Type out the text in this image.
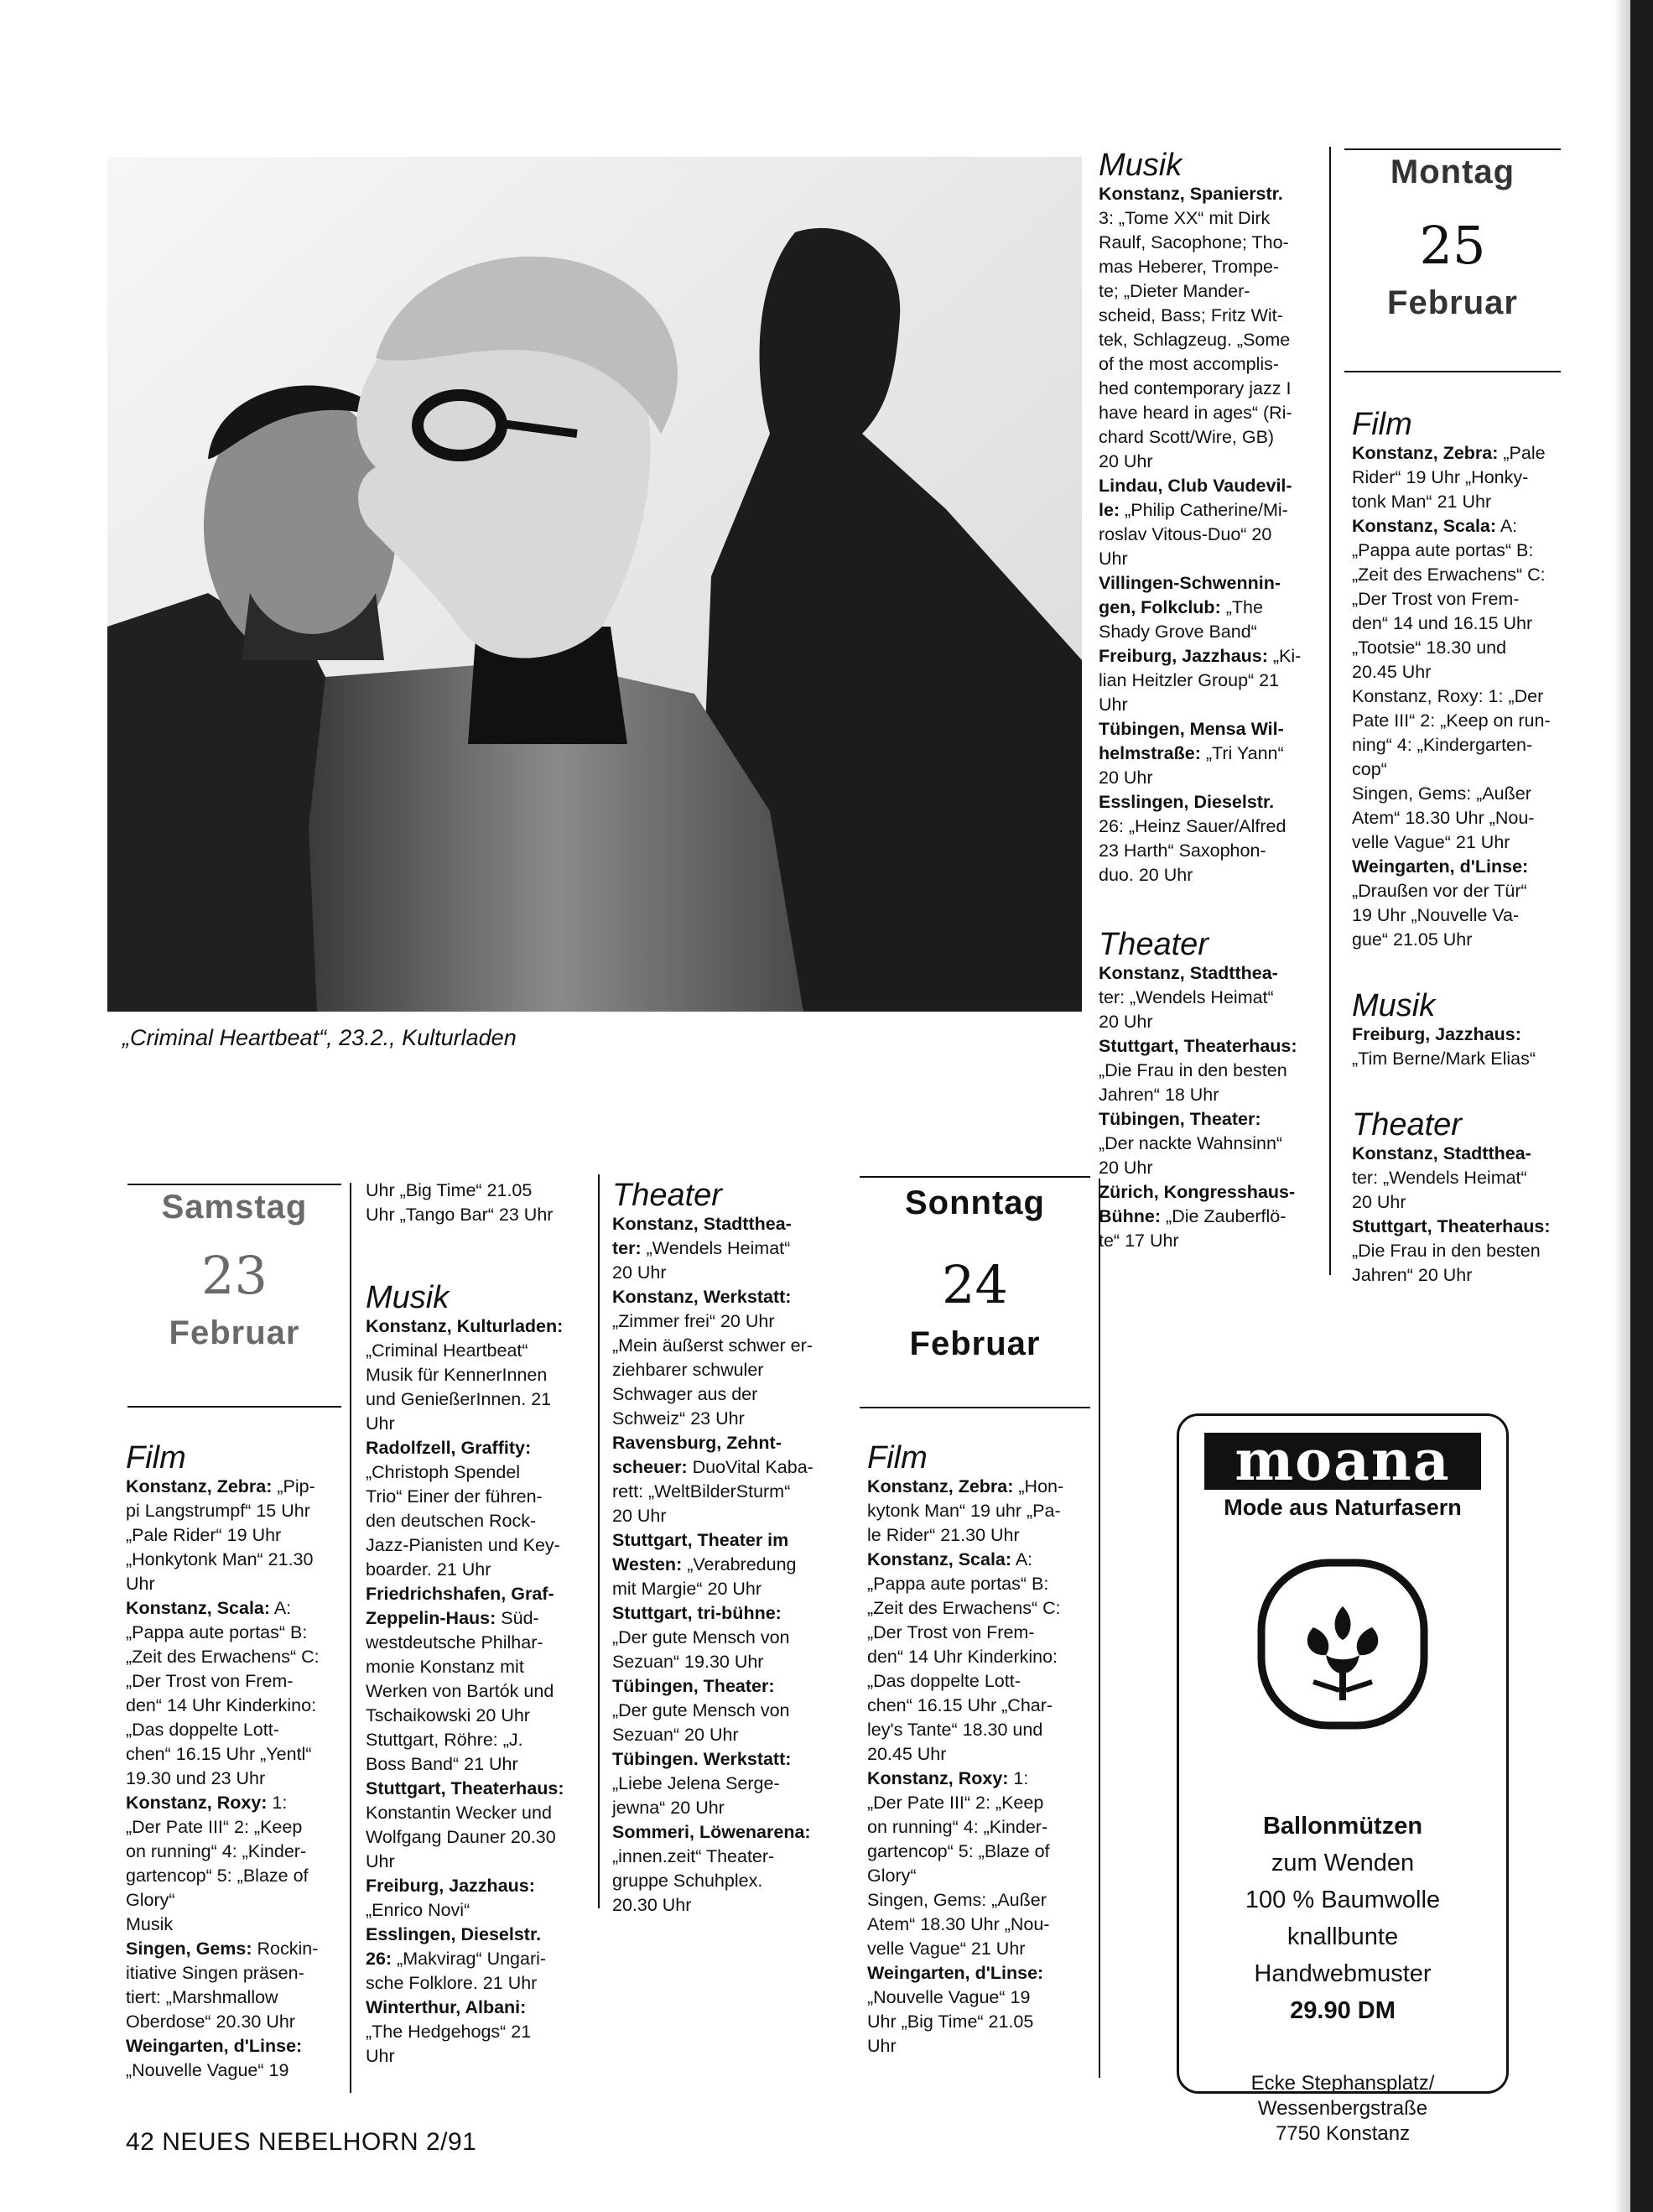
„Criminal Heartbeat“, 23.2., Kulturladen
Samstag
23
Februar
Film

Konstanz, Zebra: „Pip-
pi Langstrumpf“ 15 Uhr
„Pale Rider“ 19 Uhr
„Honkytonk Man“ 21.30
Uhr

Konstanz, Scala: A:
„Pappa aute portas“ B:
„Zeit des Erwachens“ C:
„Der Trost von Frem-
den“ 14 Uhr Kinderkino:
„Das doppelte Lott-
chen“ 16.15 Uhr „Yentl“
19.30 und 23 Uhr

Konstanz, Roxy: 1:
„Der Pate III“ 2: „Keep
on running“ 4: „Kinder-
gartencop“ 5: „Blaze of
Glory“
Musik

Singen, Gems: Rockin-
itiative Singen präsen-
tiert: „Marshmallow
Oberdose“ 20.30 Uhr

Weingarten, d'Linse:
„Nouvelle Vague“ 19

Uhr „Big Time“ 21.05
Uhr „Tango Bar“ 23 Uhr

Musik

Konstanz, Kulturladen:
„Criminal Heartbeat“
Musik für KennerInnen
und GenießerInnen. 21
Uhr

Radolfzell, Graffity:
„Christoph Spendel
Trio“ Einer der führen-
den deutschen Rock-
Jazz-Pianisten und Key-
boarder. 21 Uhr

Friedrichshafen, Graf-
Zeppelin-Haus: Süd-
westdeutsche Philhar-
monie Konstanz mit
Werken von Bartók und
Tschaikowski 20 Uhr
Stuttgart, Röhre: „J.
Boss Band“ 21 Uhr

Stuttgart, Theaterhaus:
Konstantin Wecker und
Wolfgang Dauner 20.30
Uhr

Freiburg, Jazzhaus:
„Enrico Novi“

Esslingen, Dieselstr.
26: „Makvirag“ Ungari-
sche Folklore. 21 Uhr

Winterthur, Albani:
„The Hedgehogs“ 21
Uhr

Theater

Konstanz, Stadtthea-
ter: „Wendels Heimat“
20 Uhr

Konstanz, Werkstatt:
„Zimmer frei“ 20 Uhr
„Mein äußerst schwer er-
ziehbarer schwuler
Schwager aus der
Schweiz“ 23 Uhr

Ravensburg, Zehnt-
scheuer: DuoVital Kaba-
rett: „WeltBilderSturm“
20 Uhr

Stuttgart, Theater im
Westen: „Verabredung
mit Margie“ 20 Uhr

Stuttgart, tri-bühne:
„Der gute Mensch von
Sezuan“ 19.30 Uhr

Tübingen, Theater:
„Der gute Mensch von
Sezuan“ 20 Uhr

Tübingen. Werkstatt:
„Liebe Jelena Serge-
jewna“ 20 Uhr

Sommeri, Löwenarena:
„innen.zeit“ Theater-
gruppe Schuhplex.
20.30 Uhr

Sonntag
24
Februar
Film

Konstanz, Zebra: „Hon-
kytonk Man“ 19 uhr „Pa-
le Rider“ 21.30 Uhr

Konstanz, Scala: A:
„Pappa aute portas“ B:
„Zeit des Erwachens“ C:
„Der Trost von Frem-
den“ 14 Uhr Kinderkino:
„Das doppelte Lott-
chen“ 16.15 Uhr „Char-
ley's Tante“ 18.30 und
20.45 Uhr

Konstanz, Roxy: 1:
„Der Pate III“ 2: „Keep
on running“ 4: „Kinder-
gartencop“ 5: „Blaze of
Glory“
Singen, Gems: „Außer
Atem“ 18.30 Uhr „Nou-
velle Vague“ 21 Uhr

Weingarten, d'Linse:
„Nouvelle Vague“ 19
Uhr „Big Time“ 21.05
Uhr

Musik

Konstanz, Spanierstr.
3: „Tome XX“ mit Dirk
Raulf, Sacophone; Tho-
mas Heberer, Trompe-
te; „Dieter Mander-
scheid, Bass; Fritz Wit-
tek, Schlagzeug. „Some
of the most accomplis-
hed contemporary jazz I
have heard in ages“ (Ri-
chard Scott/Wire, GB)
20 Uhr

Lindau, Club Vaudevil-
le: „Philip Catherine/Mi-
roslav Vitous-Duo“ 20
Uhr

Villingen-Schwennin-
gen, Folkclub: „The
Shady Grove Band“

Freiburg, Jazzhaus: „Ki-
lian Heitzler Group“ 21
Uhr

Tübingen, Mensa Wil-
helmstraße: „Tri Yann“
20 Uhr

Esslingen, Dieselstr.
26: „Heinz Sauer/Alfred
23 Harth“ Saxophon-
duo. 20 Uhr

Theater

Konstanz, Stadtthea-
ter: „Wendels Heimat“
20 Uhr

Stuttgart, Theaterhaus:
„Die Frau in den besten
Jahren“ 18 Uhr

Tübingen, Theater:
„Der nackte Wahnsinn“
20 Uhr

Zürich, Kongresshaus-
Bühne: „Die Zauberflö-
te“ 17 Uhr

Montag
25
Februar
Film

Konstanz, Zebra: „Pale
Rider“ 19 Uhr „Honky-
tonk Man“ 21 Uhr

Konstanz, Scala: A:
„Pappa aute portas“ B:
„Zeit des Erwachens“ C:
„Der Trost von Frem-
den“ 14 und 16.15 Uhr
„Tootsie“ 18.30 und
20.45 Uhr
Konstanz, Roxy: 1: „Der
Pate III“ 2: „Keep on run-
ning“ 4: „Kindergarten-
cop“
Singen, Gems: „Außer
Atem“ 18.30 Uhr „Nou-
velle Vague“ 21 Uhr

Weingarten, d'Linse:
„Draußen vor der Tür“
19 Uhr „Nouvelle Va-
gue“ 21.05 Uhr

Musik

Freiburg, Jazzhaus:
„Tim Berne/Mark Elias“

Theater

Konstanz, Stadtthea-
ter: „Wendels Heimat“
20 Uhr

Stuttgart, Theaterhaus:
„Die Frau in den besten
Jahren“ 20 Uhr

moana
Mode aus Naturfasern
Ballonmützen
zum Wenden
100 % Baumwolle
knallbunte
Handwebmuster
29.90 DM
Ecke Stephansplatz/
Wessenbergstraße
7750 Konstanz
42 NEUES NEBELHORN 2/91
